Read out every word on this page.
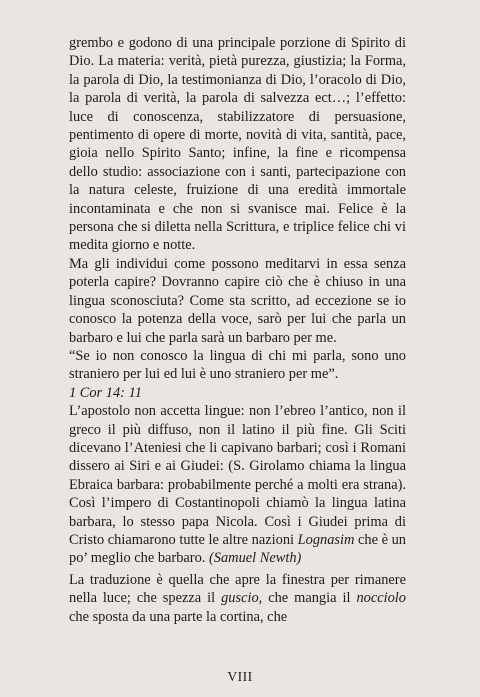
grembo e godono di una principale porzione di Spirito di Dio. La materia: verità, pietà purezza, giustizia; la Forma, la parola di Dio, la testimonianza di Dio, l’oracolo di Dio, la parola di verità, la parola di salvezza ect…; l’effetto: luce di conoscenza, stabilizzatore di persuasione, pentimento di opere di morte, novità di vita, santità, pace, gioia nello Spirito Santo; infine, la fine e ricompensa dello studio: associazione con i santi, partecipazione con la natura celeste, fruizione di una eredità immortale incontaminata e che non si svanisce mai. Felice è la persona che si diletta nella Scrittura, e triplice felice chi vi medita giorno e notte.

Ma gli individui come possono meditarvi in essa senza poterla capire? Dovranno capire ciò che è chiuso in una lingua sconosciuta? Come sta scritto, ad eccezione se io conosco la potenza della voce, sarò per lui che parla un barbaro e lui che parla sarà un barbaro per me.

“Se io non conosco la lingua di chi mi parla, sono uno straniero per lui ed lui è uno straniero per me”.

1 Cor 14: 11

L’apostolo non accetta lingue: non l’ebreo l’antico, non il greco il più diffuso, non il latino il più fine. Gli Sciti dicevano l’Ateniesi che li capivano barbari; così i Romani dissero ai Siri e ai Giudei: (S. Girolamo chiama la lingua Ebraica barbara: probabilmente perché a molti era strana). Così l’impero di Costantinopoli chiamò la lingua latina barbara, lo stesso papa Nicola. Così i Giudei prima di Cristo chiamarono tutte le altre nazioni Lognasim che è un po’ meglio che barbaro. (Samuel Newth)

La traduzione è quella che apre la finestra per rimanere nella luce; che spezza il guscio, che mangia il nocciolo che sposta da una parte la cortina, che

VIII
